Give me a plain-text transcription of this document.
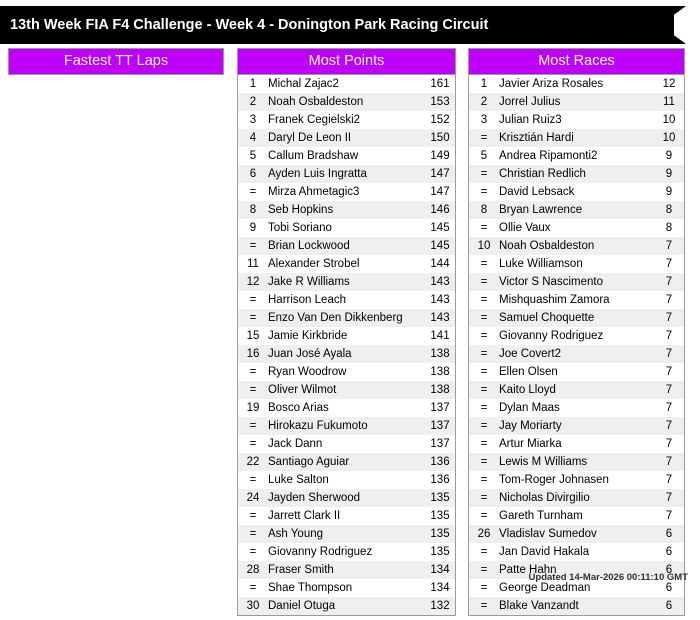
13th Week FIA F4 Challenge - Week 4 - Donington Park Racing Circuit
Fastest TT Laps	Most Points
1	Michal Zajac2	161
2	Noah Osbaldeston	153
3	Franek Cegielski2	152
4	Daryl De Leon II	150
5	Callum Bradshaw	149
6	Ayden Luis Ingratta	147
=	Mirza Ahmetagic3	147
8	Seb Hopkins	146
9	Tobi Soriano	145
=	Brian Lockwood	145
11	Alexander Strobel	144
12	Jake R Williams	143
=	Harrison Leach	143
=	Enzo Van Den Dikkenberg	143
15	Jamie Kirkbride	141
16	Juan José Ayala	138
=	Ryan Woodrow	138
=	Oliver Wilmot	138
19	Bosco Arias	137
=	Hirokazu Fukumoto	137
=	Jack Dann	137
22	Santiago Aguiar	136
=	Luke Salton	136
24	Jayden Sherwood	135
=	Jarrett Clark II	135
=	Ash Young	135
=	Giovanny Rodriguez	135
28	Fraser Smith	134
=	Shae Thompson	134
30	Daniel Otuga	132
Most Races
1	Javier Ariza Rosales	12
2	Jorrel Julius	11
3	Julian Ruiz3	10
=	Krisztián Hardi	10
5	Andrea Ripamonti2	9
=	Christian Redlich	9
=	David Lebsack	9
8	Bryan Lawrence	8
=	Ollie Vaux	8
10	Noah Osbaldeston	7
=	Luke Williamson	7
=	Victor S Nascimento	7
=	Mishquashim Zamora	7
=	Samuel Choquette	7
=	Giovanny Rodriguez	7
=	Joe Covert2	7
=	Ellen Olsen	7
=	Kaito Lloyd	7
=	Dylan Maas	7
=	Jay Moriarty	7
=	Artur Miarka	7
=	Lewis M Williams	7
=	Tom-Roger Johnasen	7
=	Nicholas Divirgilio	7
=	Gareth Turnham	7
26	Vladislav Sumedov	6
=	Jan David Hakala	6
=	Patte Hahn	6
=	George Deadman	6
=	Blake Vanzandt	6
Updated 14-Mar-2026 00:11:10 GMT
